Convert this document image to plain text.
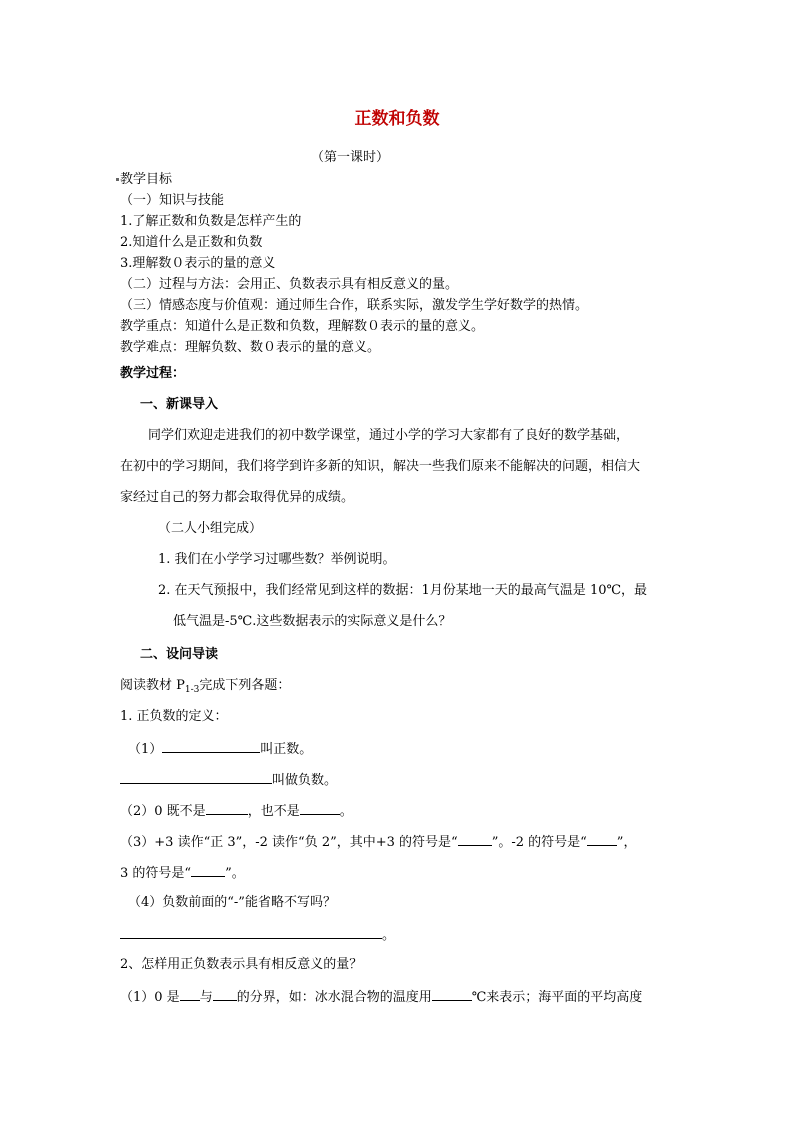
正数和负数
（第一课时）
教学目标
（一）知识与技能
1.了解正数和负数是怎样产生的
2.知道什么是正数和负数
3.理解数０表示的量的意义
（二）过程与方法：会用正、负数表示具有相反意义的量。
（三）情感态度与价值观：通过师生合作，联系实际，激发学生学好数学的热情。
教学重点：知道什么是正数和负数，理解数０表示的量的意义。
教学难点：理解负数、数０表示的量的意义。
教学过程：
一、新课导入
同学们欢迎走进我们的初中数学课堂，通过小学的学习大家都有了良好的数学基础，
在初中的学习期间，我们将学到许多新的知识，解决一些我们原来不能解决的问题，相信大
家经过自己的努力都会取得优异的成绩。
（二人小组完成）
1. 我们在小学学习过哪些数？举例说明。
2. 在天气预报中，我们经常见到这样的数据：1月份某地一天的最高气温是 10℃，最
低气温是-5℃.这些数据表示的实际意义是什么？
二、设问导读
阅读教材 $P_{1-3}$完成下列各题：
1. 正负数的定义：
（1）	叫正数。
叫做负数。
（2）0 既不是	，也不是	。
（3）+3 读作“正 3”，-2 读作“负 2”，其中+3 的符号是“	”。-2 的符号是“ ”，
3 的符号是“	”。
（4）负数前面的“-”能省略不写吗？
。
2、怎样用正负数表示具有相反意义的量？
（1）0 是 与 的分界，如：冰水混合物的温度用	℃来表示；海平面的平均高度
